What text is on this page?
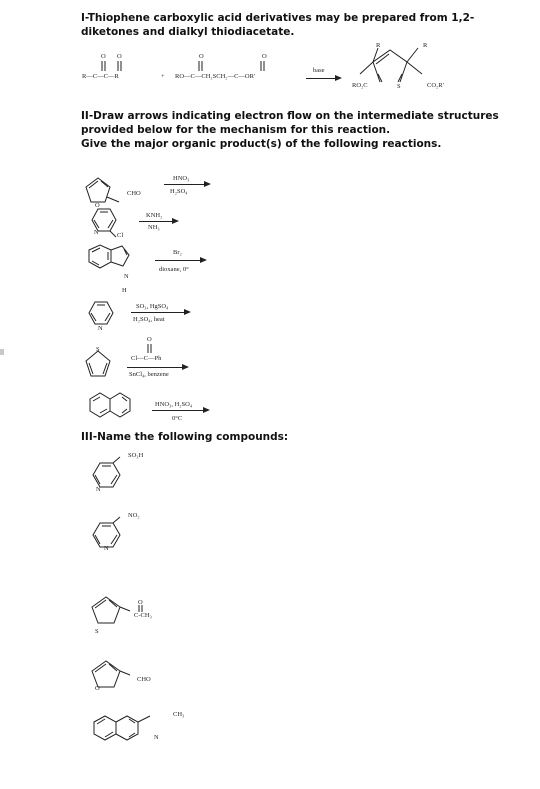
I-Thiophene carboxylic acid derivatives may be prepared from 1,2-
diketones and dialkyl thiodiacetate.
O O
R—C—C—R	+
O	O
RO—C—CH₂SCH₂—C—OR'
base
R	R
S
RO₂C	CO₂R'
II-Draw arrows indicating electron flow on the intermediate structures
provided below for the mechanism for this reaction.
Give the major organic product(s) of the following reactions.
O
CHO
HNO₃
H₂SO₄
N	Cl
KNH₂
NH₃
N
H
Br₂
dioxane, 0°
N
SO₃, HgSO₄
H₂SO₄, heat
S
O
Cl—C—Ph
SnCl₄, benzene
HNO₃, H₂SO₄
0°C
III-Name the following compounds:
SO₃H
N
NO₂
N
O
C-CH₃
S
CHO
O
CH₃
N
